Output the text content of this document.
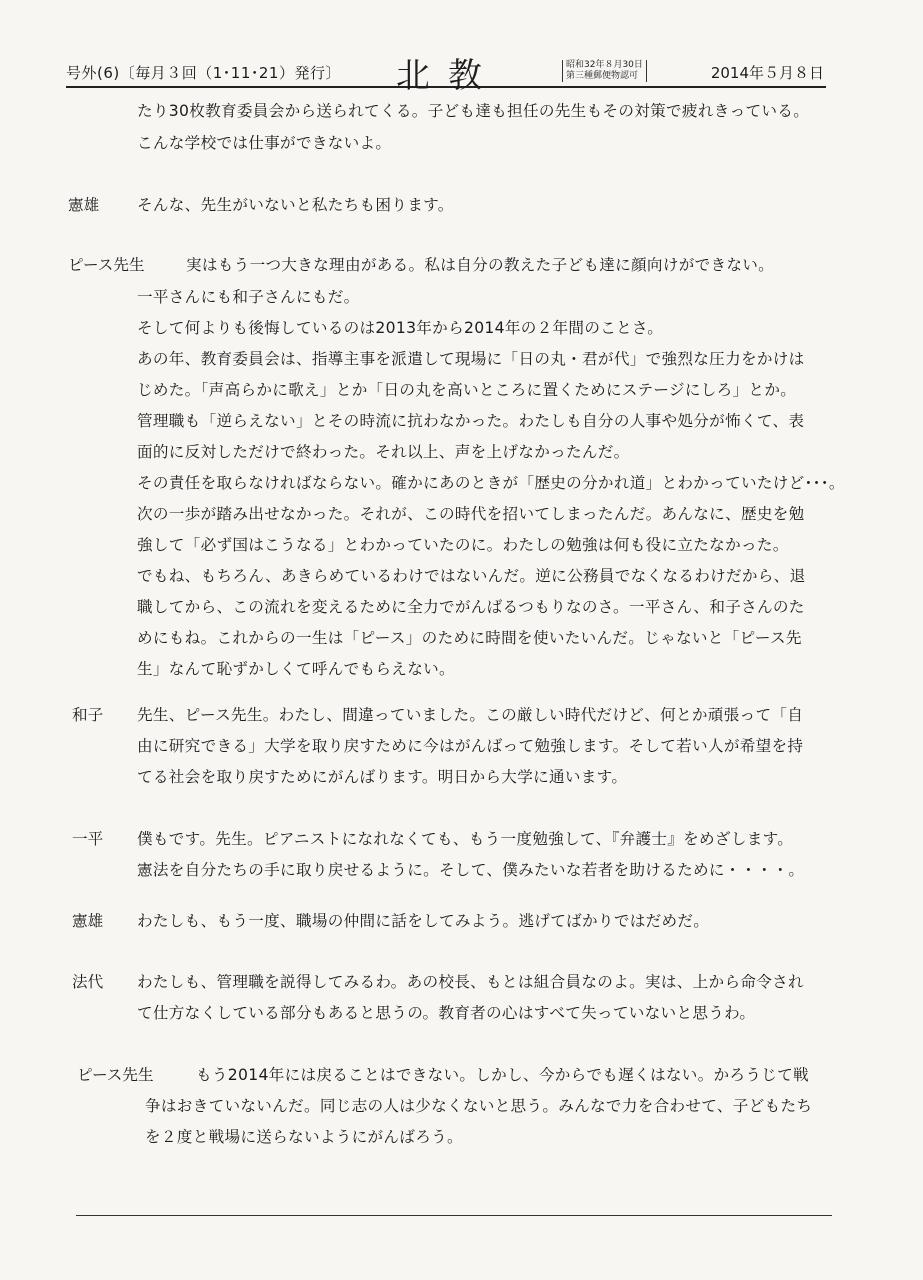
号外(6)〔毎月３回（1･11･21）発行〕 北教	昭和32年８月30日
第三種郵便物認可	2014年５月８日
たり30枚教育委員会から送られてくる。子ども達も担任の先生もその対策で疲れきっている。
こんな学校では仕事ができないよ。
憲雄 そんな、先生がいないと私たちも困ります。
ピース先生	実はもう一つ大きな理由がある。私は自分の教えた子ども達に顔向けができない。
一平さんにも和子さんにもだ。
そして何よりも後悔しているのは2013年から2014年の２年間のことさ。
あの年、教育委員会は、指導主事を派遣して現場に「日の丸・君が代」で強烈な圧力をかけは
じめた。「声高らかに歌え」とか「日の丸を高いところに置くためにステージにしろ」とか。
管理職も「逆らえない」とその時流に抗わなかった。わたしも自分の人事や処分が怖くて、表
面的に反対しただけで終わった。それ以上、声を上げなかったんだ。
その責任を取らなければならない。確かにあのときが「歴史の分かれ道」とわかっていたけど･･･。
次の一歩が踏み出せなかった。それが、この時代を招いてしまったんだ。あんなに、歴史を勉
強して「必ず国はこうなる」とわかっていたのに。わたしの勉強は何も役に立たなかった。
でもね、もちろん、あきらめているわけではないんだ。逆に公務員でなくなるわけだから、退
職してから、この流れを変えるために全力でがんばるつもりなのさ。一平さん、和子さんのた
めにもね。これからの一生は「ピース」のために時間を使いたいんだ。じゃないと「ピース先
生」なんて恥ずかしくて呼んでもらえない。
和子 先生、ピース先生。わたし、間違っていました。この厳しい時代だけど、何とか頑張って「自
由に研究できる」大学を取り戻すために今はがんばって勉強します。そして若い人が希望を持
てる社会を取り戻すためにがんばります。明日から大学に通います。
一平 僕もです。先生。ピアニストになれなくても、もう一度勉強して、『弁護士』をめざします。
憲法を自分たちの手に取り戻せるように。そして、僕みたいな若者を助けるために・・・・。
憲雄 わたしも、もう一度、職場の仲間に話をしてみよう。逃げてばかりではだめだ。
法代 わたしも、管理職を説得してみるわ。あの校長、もとは組合員なのよ。実は、上から命令され
て仕方なくしている部分もあると思うの。教育者の心はすべて失っていないと思うわ。
ピース先生	もう2014年には戻ることはできない。しかし、今からでも遅くはない。かろうじて戦
争はおきていないんだ。同じ志の人は少なくないと思う。みんなで力を合わせて、子どもたち
を２度と戦場に送らないようにがんばろう。
